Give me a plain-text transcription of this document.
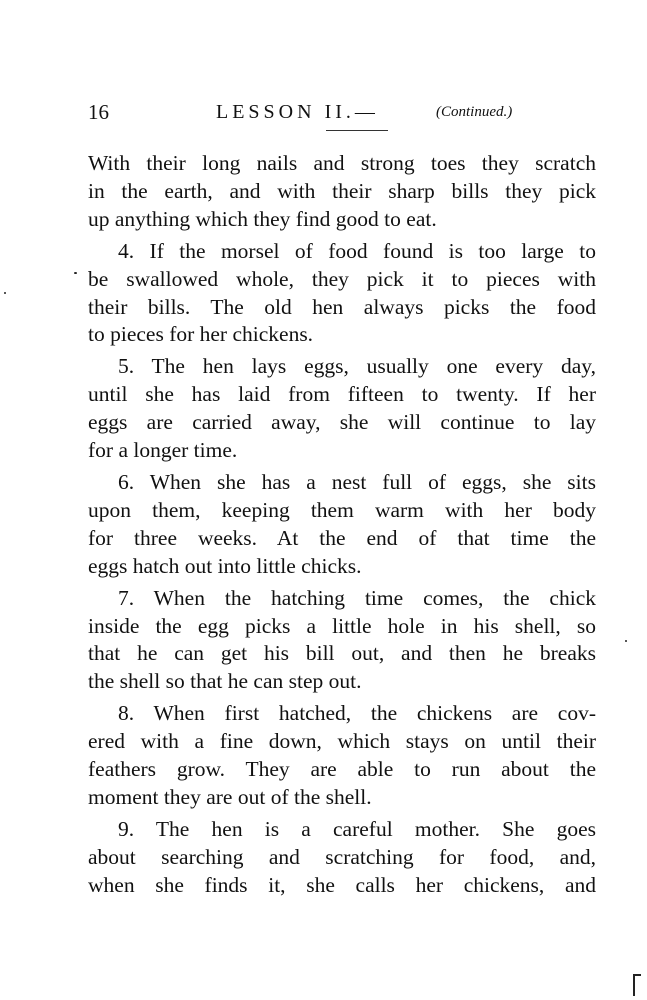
16	LESSON II.—	(Continued.)

With their long nails and strong toes they scratch
in the earth, and with their sharp bills they pick
up anything which they find good to eat.

4. If the morsel of food found is too large to
be swallowed whole, they pick it to pieces with
their bills. The old hen always picks the food
to pieces for her chickens.

5. The hen lays eggs, usually one every day,
until she has laid from fifteen to twenty. If her
eggs are carried away, she will continue to lay
for a longer time.

6. When she has a nest full of eggs, she sits
upon them, keeping them warm with her body
for three weeks. At the end of that time the
eggs hatch out into little chicks.

7. When the hatching time comes, the chick
inside the egg picks a little hole in his shell, so
that he can get his bill out, and then he breaks
the shell so that he can step out.

8. When first hatched, the chickens are cov-
ered with a fine down, which stays on until their
feathers grow. They are able to run about the
moment they are out of the shell.

9. The hen is a careful mother. She goes
about searching and scratching for food, and,
when she finds it, she calls her chickens, and
